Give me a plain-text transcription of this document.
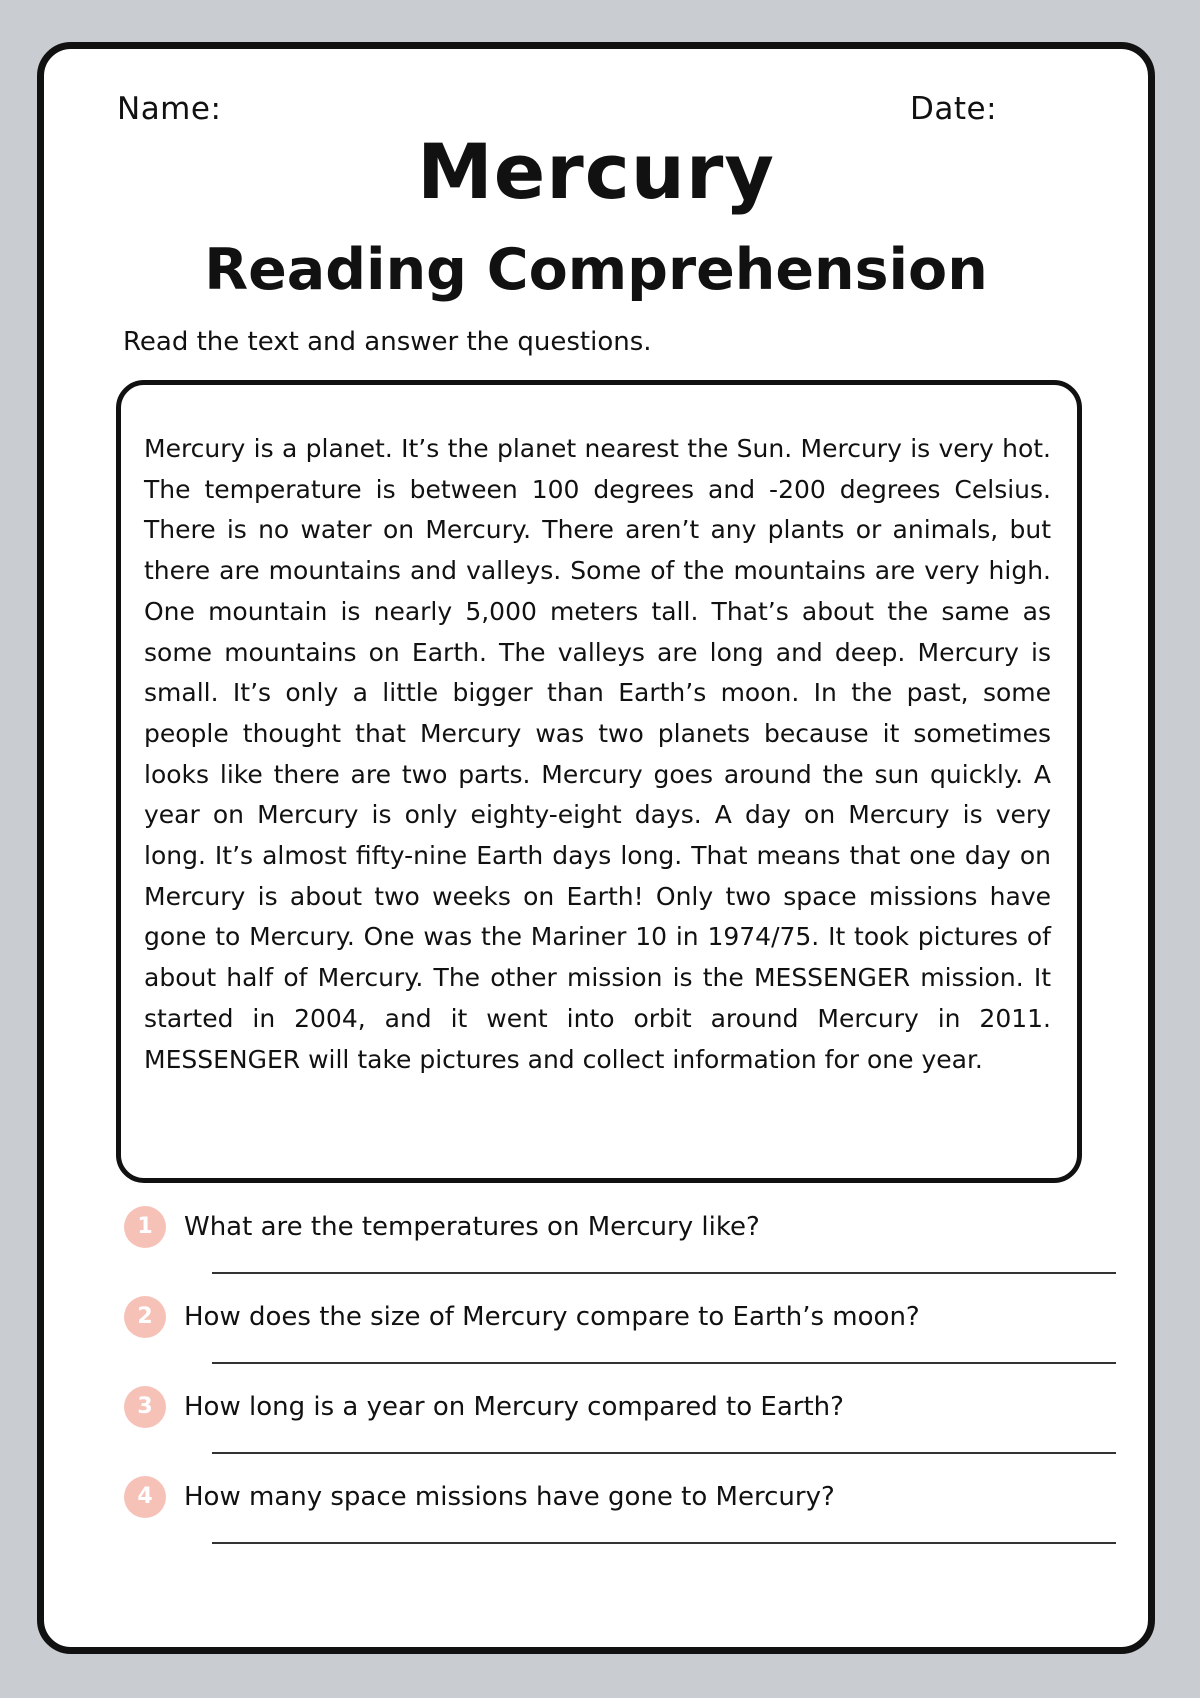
Name:	Date:
Mercury
Reading Comprehension
Read the text and answer the questions.

Mercury is a planet. It’s the planet nearest the Sun. Mercury is very hot. The temperature is between 100 degrees and -200 degrees Celsius. There is no water on Mercury. There aren’t any plants or animals, but there are mountains and valleys. Some of the mountains are very high. One mountain is nearly 5,000 meters tall. That’s about the same as some mountains on Earth. The valleys are long and deep. Mercury is small. It’s only a little bigger than Earth’s moon. In the past, some people thought that Mercury was two planets because it sometimes looks like there are two parts. Mercury goes around the sun quickly. A year on Mercury is only eighty-eight days. A day on Mercury is very long. It’s almost fifty-nine Earth days long. That means that one day on Mercury is about two weeks on Earth! Only two space missions have gone to Mercury. One was the Mariner 10 in 1974/75. It took pictures of about half of Mercury. The other mission is the MESSENGER mission. It started in 2004, and it went into orbit around Mercury in 2011. MESSENGER will take pictures and collect information for one year.

1	What are the temperatures on Mercury like?
2	How does the size of Mercury compare to Earth’s moon?
3	How long is a year on Mercury compared to Earth?
4	How many space missions have gone to Mercury?
